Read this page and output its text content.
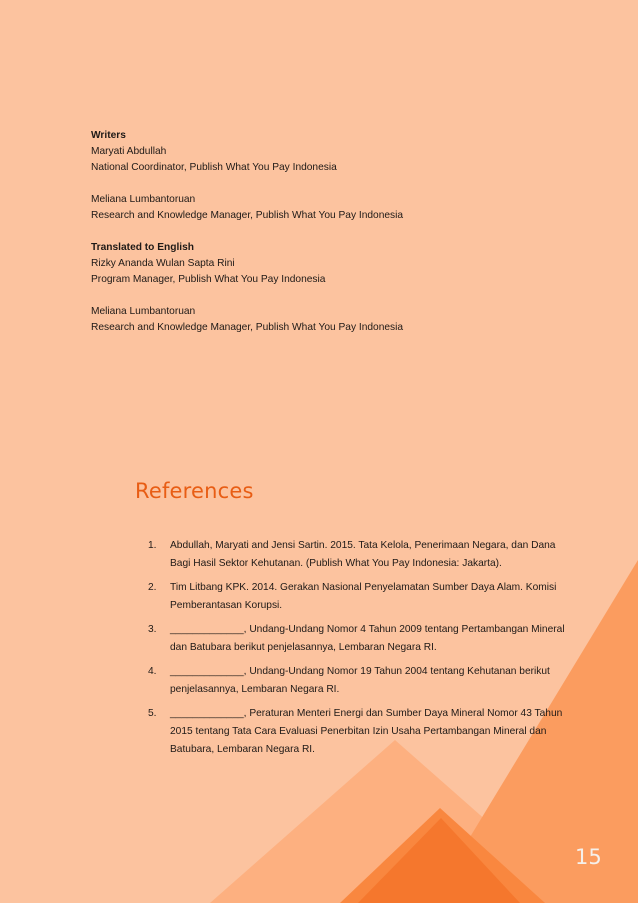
Writers
Maryati Abdullah
National Coordinator, Publish What You Pay Indonesia

Meliana Lumbantoruan
Research and Knowledge Manager, Publish What You Pay Indonesia

Translated to English
Rizky Ananda Wulan Sapta Rini
Program Manager, Publish What You Pay Indonesia

Meliana Lumbantoruan
Research and Knowledge Manager, Publish What You Pay Indonesia

References
1. Abdullah, Maryati and Jensi Sartin. 2015. Tata Kelola, Penerimaan Negara, dan Dana Bagi Hasil Sektor Kehutanan. (Publish What You Pay Indonesia: Jakarta).
2. Tim Litbang KPK. 2014. Gerakan Nasional Penyelamatan Sumber Daya Alam. Komisi Pemberantasan Korupsi.
3. _____________, Undang-Undang Nomor 4 Tahun 2009 tentang Pertambangan Mineral dan Batubara berikut penjelasannya, Lembaran Negara RI.
4. _____________, Undang-Undang Nomor 19 Tahun 2004 tentang Kehutanan berikut penjelasannya, Lembaran Negara RI.
5. _____________, Peraturan Menteri Energi dan Sumber Daya Mineral Nomor 43 Tahun 2015 tentang Tata Cara Evaluasi Penerbitan Izin Usaha Pertambangan Mineral dan Batubara, Lembaran Negara RI.
15
